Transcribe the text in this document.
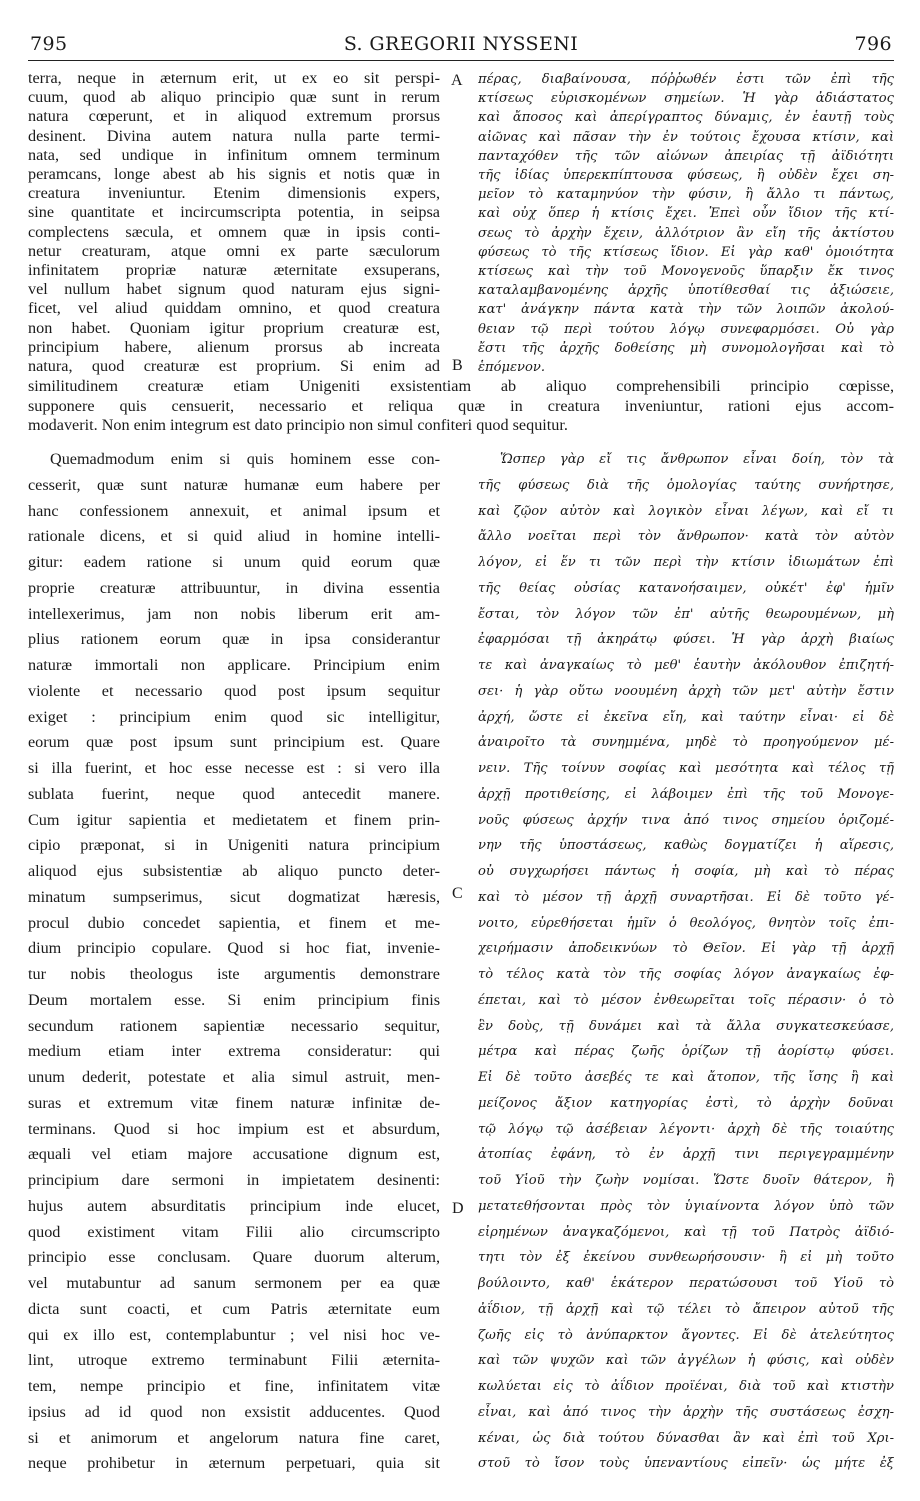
795	S. GREGORII NYSSENI	796
terra, neque in æternum erit, ut ex eo sit perspi-
cuum, quod ab aliquo principio quæ sunt in rerum
natura cœperunt, et in aliquod extremum prorsus
desinent. Divina autem natura nulla parte termi-
nata, sed undique in infinitum omnem terminum
peramcans, longe abest ab his signis et notis quæ in
creatura inveniuntur. Etenim dimensionis expers,
sine quantitate et incircumscripta potentia, in seipsa
complectens sæcula, et omnem quæ in ipsis conti-
netur creaturam, atque omni ex parte sæculorum
infinitatem propriæ naturæ æternitate exsuperans,
vel nullum habet signum quod naturam ejus signi-
ficet, vel aliud quiddam omnino, et quod creatura
non habet. Quoniam igitur proprium creaturæ est,
principium habere, alienum prorsus ab increata
natura, quod creaturæ est proprium. Si enim ad
Quemadmodum enim si quis hominem esse con-
cesserit, quæ sunt naturæ humanæ eum habere per
hanc confessionem annexuit, et animal ipsum et
rationale dicens, et si quid aliud in homine intelli-
gitur: eadem ratione si unum quid eorum quæ
proprie creaturæ attribuuntur, in divina essentia
intellexerimus, jam non nobis liberum erit am-
plius rationem eorum quæ in ipsa considerantur
naturæ immortali non applicare. Principium enim
violente et necessario quod post ipsum sequitur
exiget : principium enim quod sic intelligitur,
eorum quæ post ipsum sunt principium est. Quare
si illa fuerint, et hoc esse necesse est : si vero illa
sublata fuerint, neque quod antecedit manere.
Cum igitur sapientia et medietatem et finem prin-
cipio præponat, si in Unigeniti natura principium
aliquod ejus subsistentiæ ab aliquo puncto deter-
minatum sumpserimus, sicut dogmatizat hæresis,
procul dubio concedet sapientia, et finem et me-
dium principio copulare. Quod si hoc fiat, invenie-
tur nobis theologus iste argumentis demonstrare
Deum mortalem esse. Si enim principium finis
secundum rationem sapientiæ necessario sequitur,
medium etiam inter extrema consideratur: qui
unum dederit, potestate et alia simul astruit, men-
suras et extremum vitæ finem naturæ infinitæ de-
terminans. Quod si hoc impium est et absurdum,
æquali vel etiam majore accusatione dignum est,
principium dare sermoni in impietatem desinenti:
hujus autem absurditatis principium inde elucet,
quod existiment vitam Filii alio circumscripto
principio esse conclusam. Quare duorum alterum,
vel mutabuntur ad sanum sermonem per ea quæ
dicta sunt coacti, et cum Patris æternitate eum
qui ex illo est, contemplabuntur ; vel nisi hoc ve-
lint, utroque extremo terminabunt Filii æternita-
tem, nempe principio et fine, infinitatem vitæ
ipsius ad id quod non exsistit adducentes. Quod
si et animorum et angelorum natura fine caret,
neque prohibetur in æternum perpetuari, quia sit
πέρας, διαβαίνουσα, πόῤῥωθέν ἐστι τῶν ἐπὶ τῆς
κτίσεως εὑρισκομένων σημείων. Ἡ γὰρ ἀδιάστατος
καὶ ἄποσος καὶ ἀπερίγραπτος δύναμις, ἐν ἑαυτῇ τοὺς
αἰῶνας καὶ πᾶσαν τὴν ἐν τούτοις ἔχουσα κτίσιν, καὶ
πανταχόθεν τῆς τῶν αἰώνων ἀπειρίας τῇ ἀϊδιότητι
τῆς ἰδίας ὑπερεκπίπτουσα φύσεως, ἢ οὐδὲν ἔχει ση-
μεῖον τὸ καταμηνύον τὴν φύσιν, ἢ ἄλλο τι πάντως,
καὶ οὐχ ὅπερ ἡ κτίσις ἔχει. Ἐπεὶ οὖν ἴδιον τῆς κτί-
σεως τὸ ἀρχὴν ἔχειν, ἀλλότριον ἂν εἴη τῆς ἀκτίστου
φύσεως τὸ τῆς κτίσεως ἴδιον. Εἰ γὰρ καθ' ὁμοιότητα
κτίσεως καὶ τὴν τοῦ Μονογενοῦς ὕπαρξιν ἔκ τινος
καταλαμβανομένης ἀρχῆς ὑποτίθεσθαί τις ἀξιώσειε,
κατ' ἀνάγκην πάντα κατὰ τὴν τῶν λοιπῶν ἀκολού-
θειαν τῷ περὶ τούτου λόγῳ συνεφαρμόσει. Οὐ γὰρ
ἔστι τῆς ἀρχῆς δοθείσης μὴ συνομολογῆσαι καὶ τὸ
ἑπόμενον.
Ὥσπερ γὰρ εἴ τις ἄνθρωπον εἶναι δοίη, τὸν τὰ
τῆς φύσεως διὰ τῆς ὁμολογίας ταύτης συνήρτησε,
καὶ ζῷον αὐτὸν καὶ λογικὸν εἶναι λέγων, καὶ εἴ τι
ἄλλο νοεῖται περὶ τὸν ἄνθρωπον· κατὰ τὸν αὐτὸν
λόγον, εἰ ἕν τι τῶν περὶ τὴν κτίσιν ἰδιωμάτων ἐπὶ
τῆς θείας οὐσίας κατανοήσαιμεν, οὐκέτ' ἐφ' ἡμῖν
ἔσται, τὸν λόγον τῶν ἐπ' αὐτῆς θεωρουμένων, μὴ
ἐφαρμόσαι τῇ ἀκηράτῳ φύσει. Ἡ γὰρ ἀρχὴ βιαίως
τε καὶ ἀναγκαίως τὸ μεθ' ἑαυτὴν ἀκόλουθον ἐπιζητή-
σει· ἡ γὰρ οὕτω νοουμένη ἀρχὴ τῶν μετ' αὐτὴν ἔστιν
ἀρχή, ὥστε εἰ ἐκεῖνα εἴη, καὶ ταύτην εἶναι· εἰ δὲ
ἀναιροῖτο τὰ συνημμένα, μηδὲ τὸ προηγούμενον μέ-
νειν. Τῆς τοίνυν σοφίας καὶ μεσότητα καὶ τέλος τῇ
ἀρχῇ προτιθείσης, εἰ λάβοιμεν ἐπὶ τῆς τοῦ Μονογε-
νοῦς φύσεως ἀρχήν τινα ἀπό τινος σημείου ὁριζομέ-
νην τῆς ὑποστάσεως, καθὼς δογματίζει ἡ αἵρεσις,
οὐ συγχωρήσει πάντως ἡ σοφία, μὴ καὶ τὸ πέρας
καὶ τὸ μέσον τῇ ἀρχῇ συναρτῆσαι. Εἰ δὲ τοῦτο γέ-
νοιτο, εὑρεθήσεται ἡμῖν ὁ θεολόγος, θνητὸν τοῖς ἐπι-
χειρήμασιν ἀποδεικνύων τὸ Θεῖον. Εἰ γὰρ τῇ ἀρχῇ
τὸ τέλος κατὰ τὸν τῆς σοφίας λόγον ἀναγκαίως ἐφ-
έπεται, καὶ τὸ μέσον ἐνθεωρεῖται τοῖς πέρασιν· ὁ τὸ
ἓν δοὺς, τῇ δυνάμει καὶ τὰ ἄλλα συγκατεσκεύασε,
μέτρα καὶ πέρας ζωῆς ὁρίζων τῇ ἀορίστῳ φύσει.
Εἰ δὲ τοῦτο ἀσεβές τε καὶ ἄτοπον, τῆς ἴσης ἢ καὶ
μείζονος ἄξιον κατηγορίας ἐστὶ, τὸ ἀρχὴν δοῦναι
τῷ λόγῳ τῷ ἀσέβειαν λέγοντι· ἀρχὴ δὲ τῆς τοιαύτης
ἀτοπίας ἐφάνη, τὸ ἐν ἀρχῇ τινι περιγεγραμμένην
τοῦ Υἱοῦ τὴν ζωὴν νομίσαι. Ὥστε δυοῖν θάτερον, ἢ
μετατεθήσονται πρὸς τὸν ὑγιαίνοντα λόγον ὑπὸ τῶν
εἰρημένων ἀναγκαζόμενοι, καὶ τῇ τοῦ Πατρὸς ἀϊδιό-
τητι τὸν ἐξ ἐκείνου συνθεωρήσουσιν· ἢ εἰ μὴ τοῦτο
βούλοιντο, καθ' ἑκάτερον περατώσουσι τοῦ Υἱοῦ τὸ
ἀΐδιον, τῇ ἀρχῇ καὶ τῷ τέλει τὸ ἄπειρον αὐτοῦ τῆς
ζωῆς εἰς τὸ ἀνύπαρκτον ἄγοντες. Εἰ δὲ ἀτελεύτητος
καὶ τῶν ψυχῶν καὶ τῶν ἀγγέλων ἡ φύσις, καὶ οὐδὲν
κωλύεται εἰς τὸ ἀΐδιον προϊέναι, διὰ τοῦ καὶ κτιστὴν
εἶναι, καὶ ἀπό τινος τὴν ἀρχὴν τῆς συστάσεως ἐσχη-
κέναι, ὡς διὰ τούτου δύνασθαι ἂν καὶ ἐπὶ τοῦ Χρι-
στοῦ τὸ ἴσον τοὺς ὑπεναντίους εἰπεῖν· ὡς μήτε ἐξ
similitudinem creaturæ etiam Unigeniti exsistentiam ab aliquo comprehensibili principio cœpisse,
supponere quis censuerit, necessario et reliqua quæ in creatura inveniuntur, rationi ejus accom-
modaverit. Non enim integrum est dato principio non simul confiteri quod sequitur.
A
B
C
D
